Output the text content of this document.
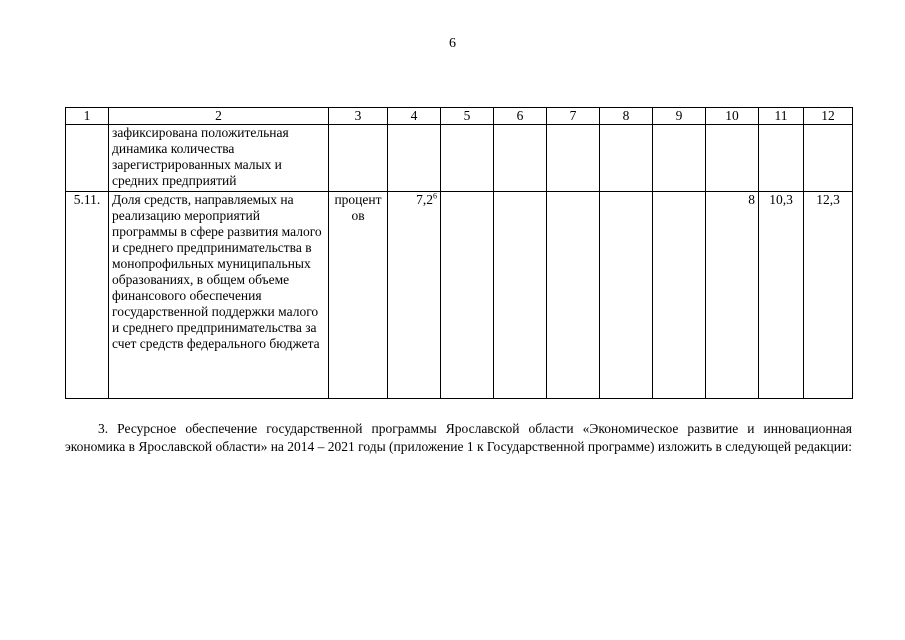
6
1	2	3	4	5	6	7	8	9	10	11	12
	зафиксирована положительная динамика количества зарегистрированных малых и средних предприятий										
5.11.	Доля средств, направляемых на реализацию мероприятий программы в сфере развития малого и среднего предпринимательства в монопрофильных муниципальных образованиях, в общем объеме финансового обеспечения государственной поддержки малого и среднего предпринимательства за счет средств федерального бюджета	процент ов	$7,2^6$						8	10,3	12,3
3. Ресурсное обеспечение государственной программы Ярославской области «Экономическое развитие и инновационная экономика в Ярославской области» на 2014 – 2021 годы (приложение 1 к Государственной программе) изложить в следующей редакции:
